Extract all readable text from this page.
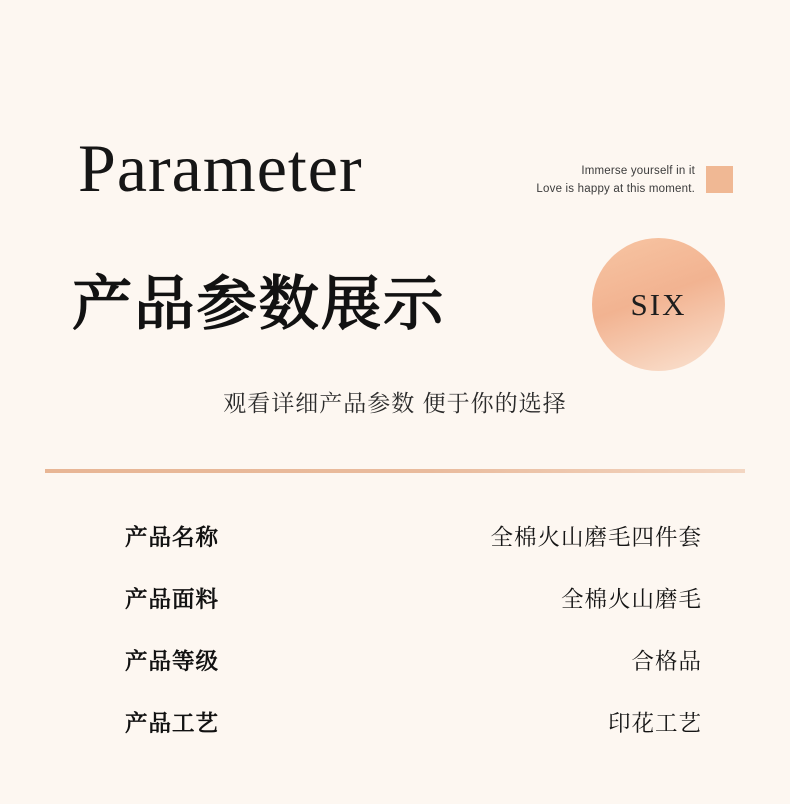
Parameter	Immerse yourself in it
Love is happy at this moment.
SIX
产品参数展示
观看详细产品参数 便于你的选择
产品名称	全棉火山磨毛四件套
产品面料	全棉火山磨毛
产品等级	合格品
产品工艺	印花工艺
